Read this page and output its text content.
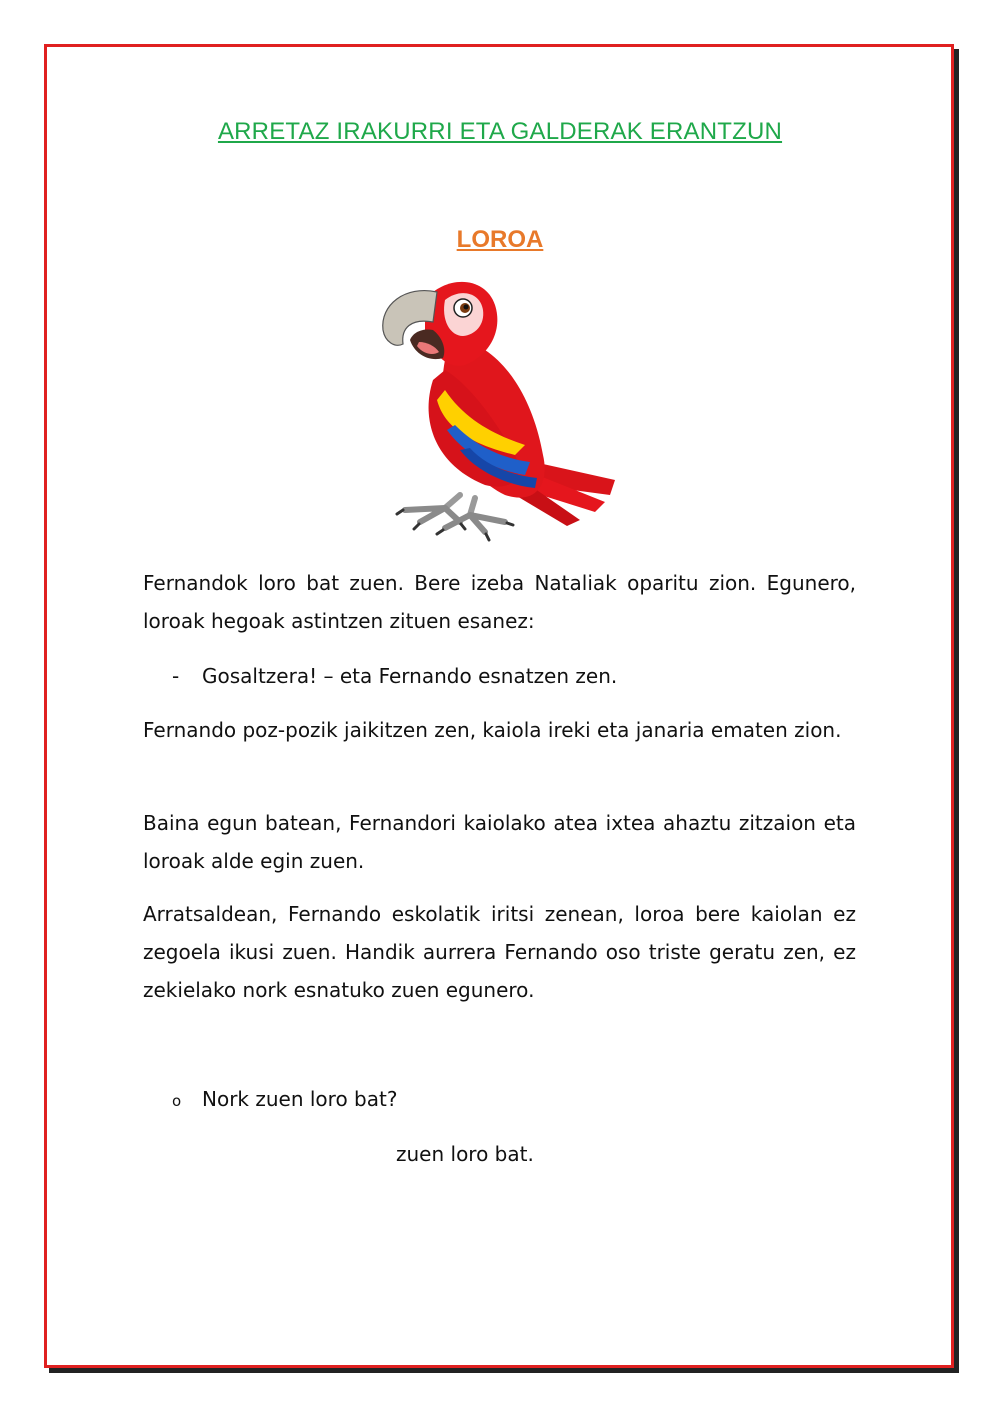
ARRETAZ IRAKURRI ETA GALDERAK ERANTZUN
LOROA
Fernandok loro bat zuen. Bere izeba Nataliak oparitu zion. Egunero, loroak hegoak astintzen zituen esanez:
- Gosaltzera! – eta Fernando esnatzen zen.
Fernando poz-pozik jaikitzen zen, kaiola ireki eta janaria ematen zion.
Baina egun batean, Fernandori kaiolako atea ixtea ahaztu zitzaion eta loroak alde egin zuen.
Arratsaldean, Fernando eskolatik iritsi zenean, loroa bere kaiolan ez zegoela ikusi zuen. Handik aurrera Fernando oso triste geratu zen, ez zekielako nork esnatuko zuen egunero.
o Nork zuen loro bat?
zuen loro bat.
